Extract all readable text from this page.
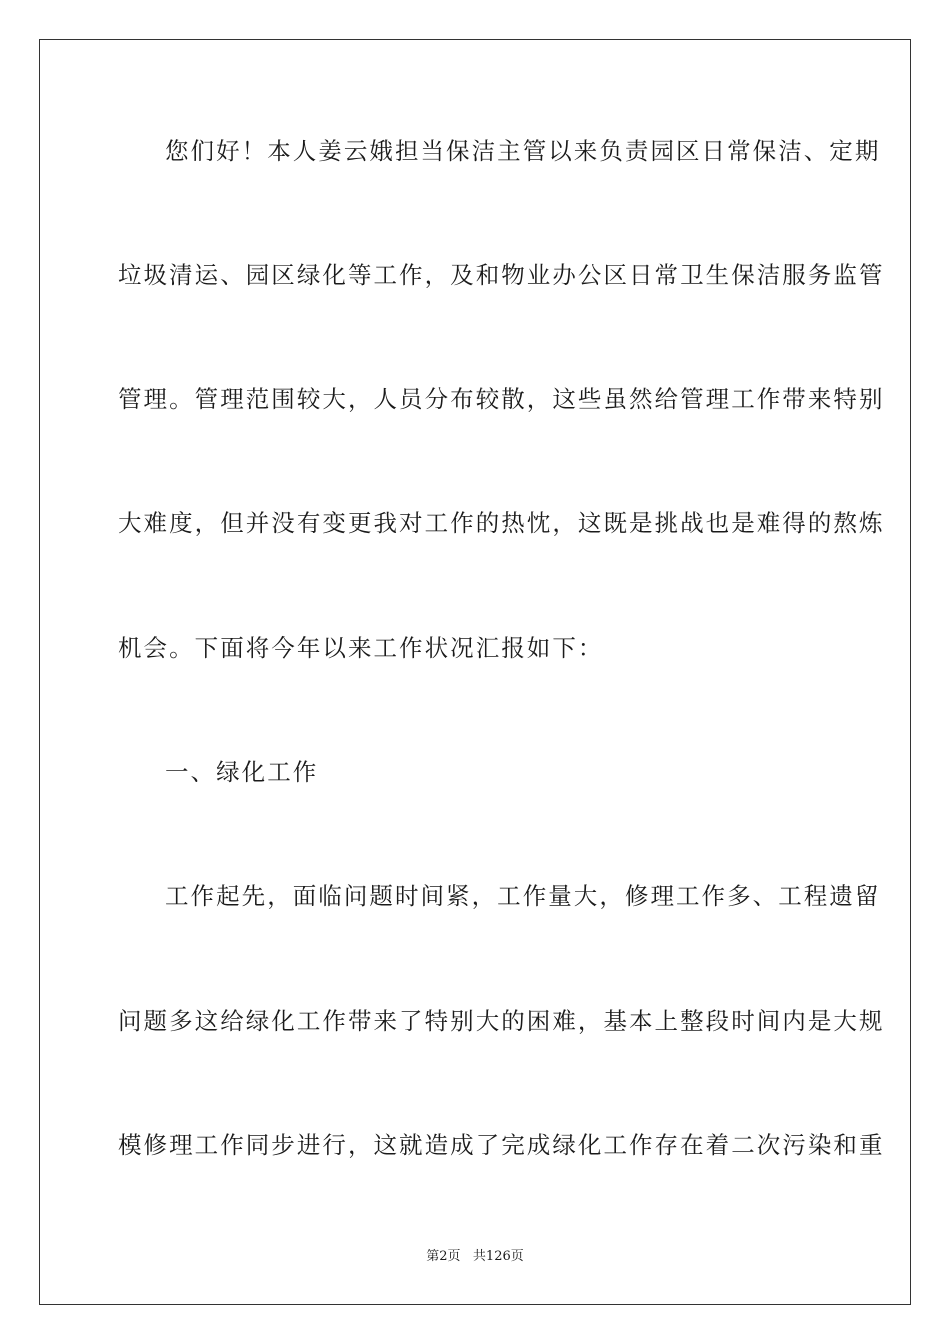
您们好！本人姜云娥担当保洁主管以来负责园区日常保洁、定期
垃圾清运、园区绿化等工作，及和物业办公区日常卫生保洁服务监管
管理。管理范围较大，人员分布较散，这些虽然给管理工作带来特别
大难度，但并没有变更我对工作的热忱，这既是挑战也是难得的熬炼
机会。下面将今年以来工作状况汇报如下：
一、绿化工作
工作起先，面临问题时间紧，工作量大，修理工作多、工程遗留
问题多这给绿化工作带来了特别大的困难，基本上整段时间内是大规
模修理工作同步进行，这就造成了完成绿化工作存在着二次污染和重
第2页 共126页
